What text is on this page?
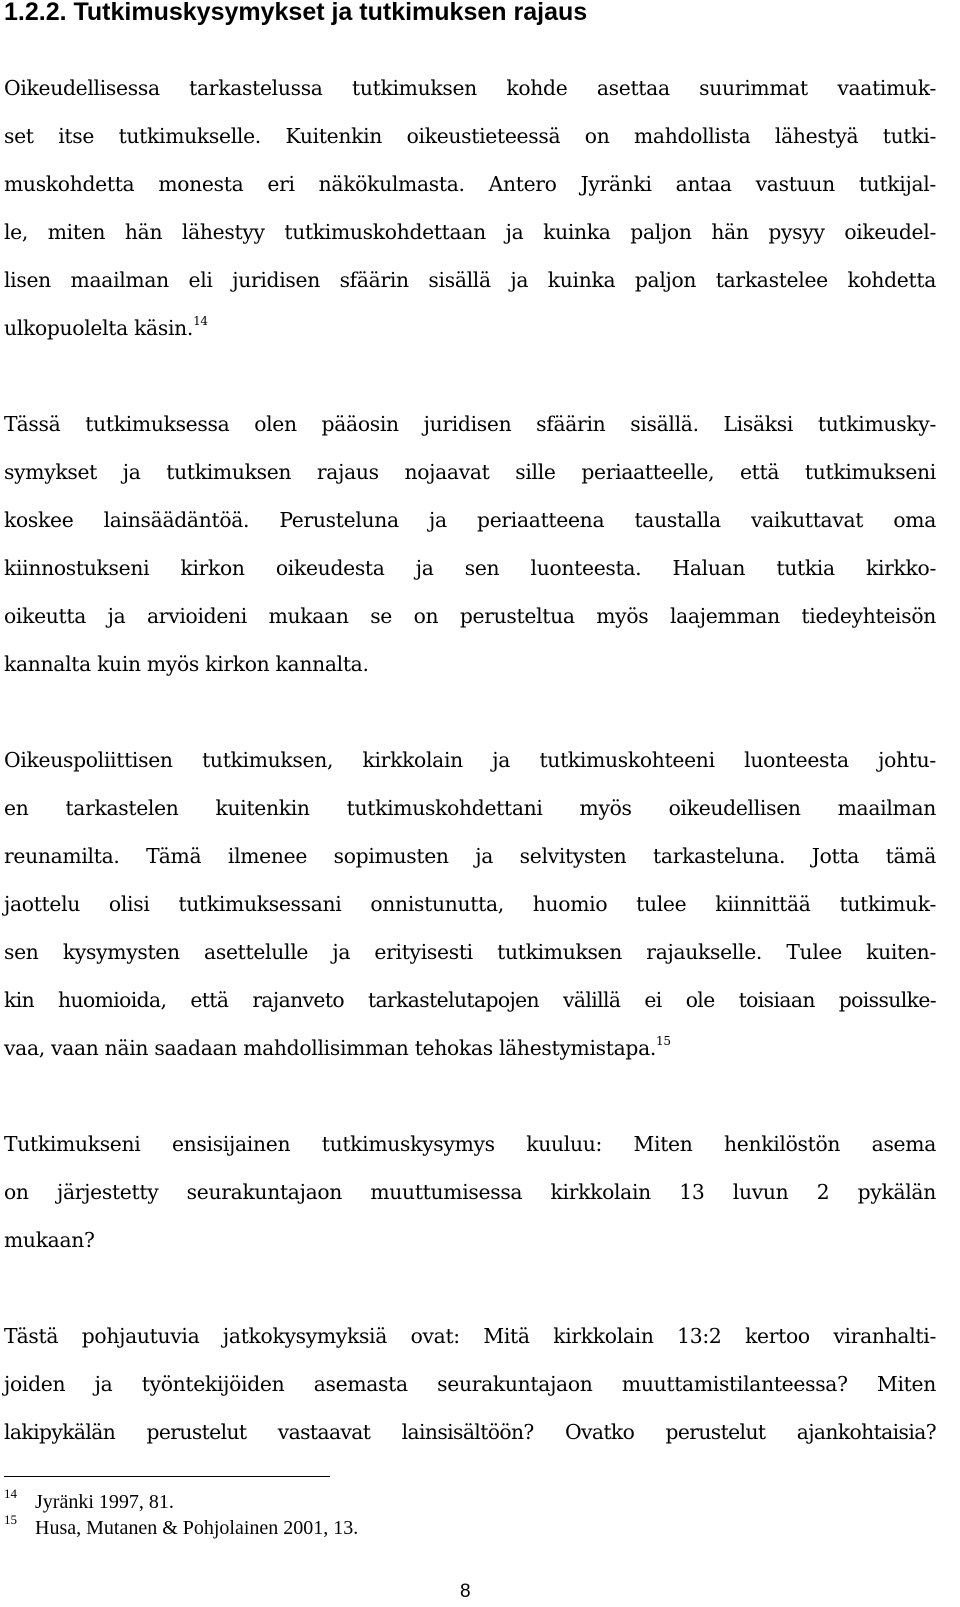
1.2.2. Tutkimuskysymykset ja tutkimuksen rajaus

Oikeudellisessa tarkastelussa tutkimuksen kohde asettaa suurimmat vaatimuk-
set itse tutkimukselle. Kuitenkin oikeustieteessä on mahdollista lähestyä tutki-
muskohdetta monesta eri näkökulmasta. Antero Jyränki antaa vastuun tutkijal-
le, miten hän lähestyy tutkimuskohdettaan ja kuinka paljon hän pysyy oikeudel-
lisen maailman eli juridisen sfäärin sisällä ja kuinka paljon tarkastelee kohdetta
ulkopuolelta käsin.$^{14}$

Tässä tutkimuksessa olen pääosin juridisen sfäärin sisällä. Lisäksi tutkimusky-
symykset ja tutkimuksen rajaus nojaavat sille periaatteelle, että tutkimukseni
koskee lainsäädäntöä. Perusteluna ja periaatteena taustalla vaikuttavat oma
kiinnostukseni kirkon oikeudesta ja sen luonteesta. Haluan tutkia kirkko-
oikeutta ja arvioideni mukaan se on perusteltua myös laajemman tiedeyhteisön
kannalta kuin myös kirkon kannalta.

Oikeuspoliittisen tutkimuksen, kirkkolain ja tutkimuskohteeni luonteesta johtu-
en tarkastelen kuitenkin tutkimuskohdettani myös oikeudellisen maailman
reunamilta. Tämä ilmenee sopimusten ja selvitysten tarkasteluna. Jotta tämä
jaottelu olisi tutkimuksessani onnistunutta, huomio tulee kiinnittää tutkimuk-
sen kysymysten asettelulle ja erityisesti tutkimuksen rajaukselle. Tulee kuiten-
kin huomioida, että rajanveto tarkastelutapojen välillä ei ole toisiaan poissulke-
vaa, vaan näin saadaan mahdollisimman tehokas lähestymistapa.$^{15}$

Tutkimukseni ensisijainen tutkimuskysymys kuuluu: Miten henkilöstön asema
on järjestetty seurakuntajaon muuttumisessa kirkkolain 13 luvun 2 pykälän
mukaan?

Tästä pohjautuvia jatkokysymyksiä ovat: Mitä kirkkolain 13:2 kertoo viranhalti-
joiden ja työntekijöiden asemasta seurakuntajaon muuttamistilanteessa? Miten
lakipykälän perustelut vastaavat lainsisältöön? Ovatko perustelut ajankohtaisia?

14 Jyränki 1997, 81.

15 Husa, Mutanen & Pohjolainen 2001, 13.

8
